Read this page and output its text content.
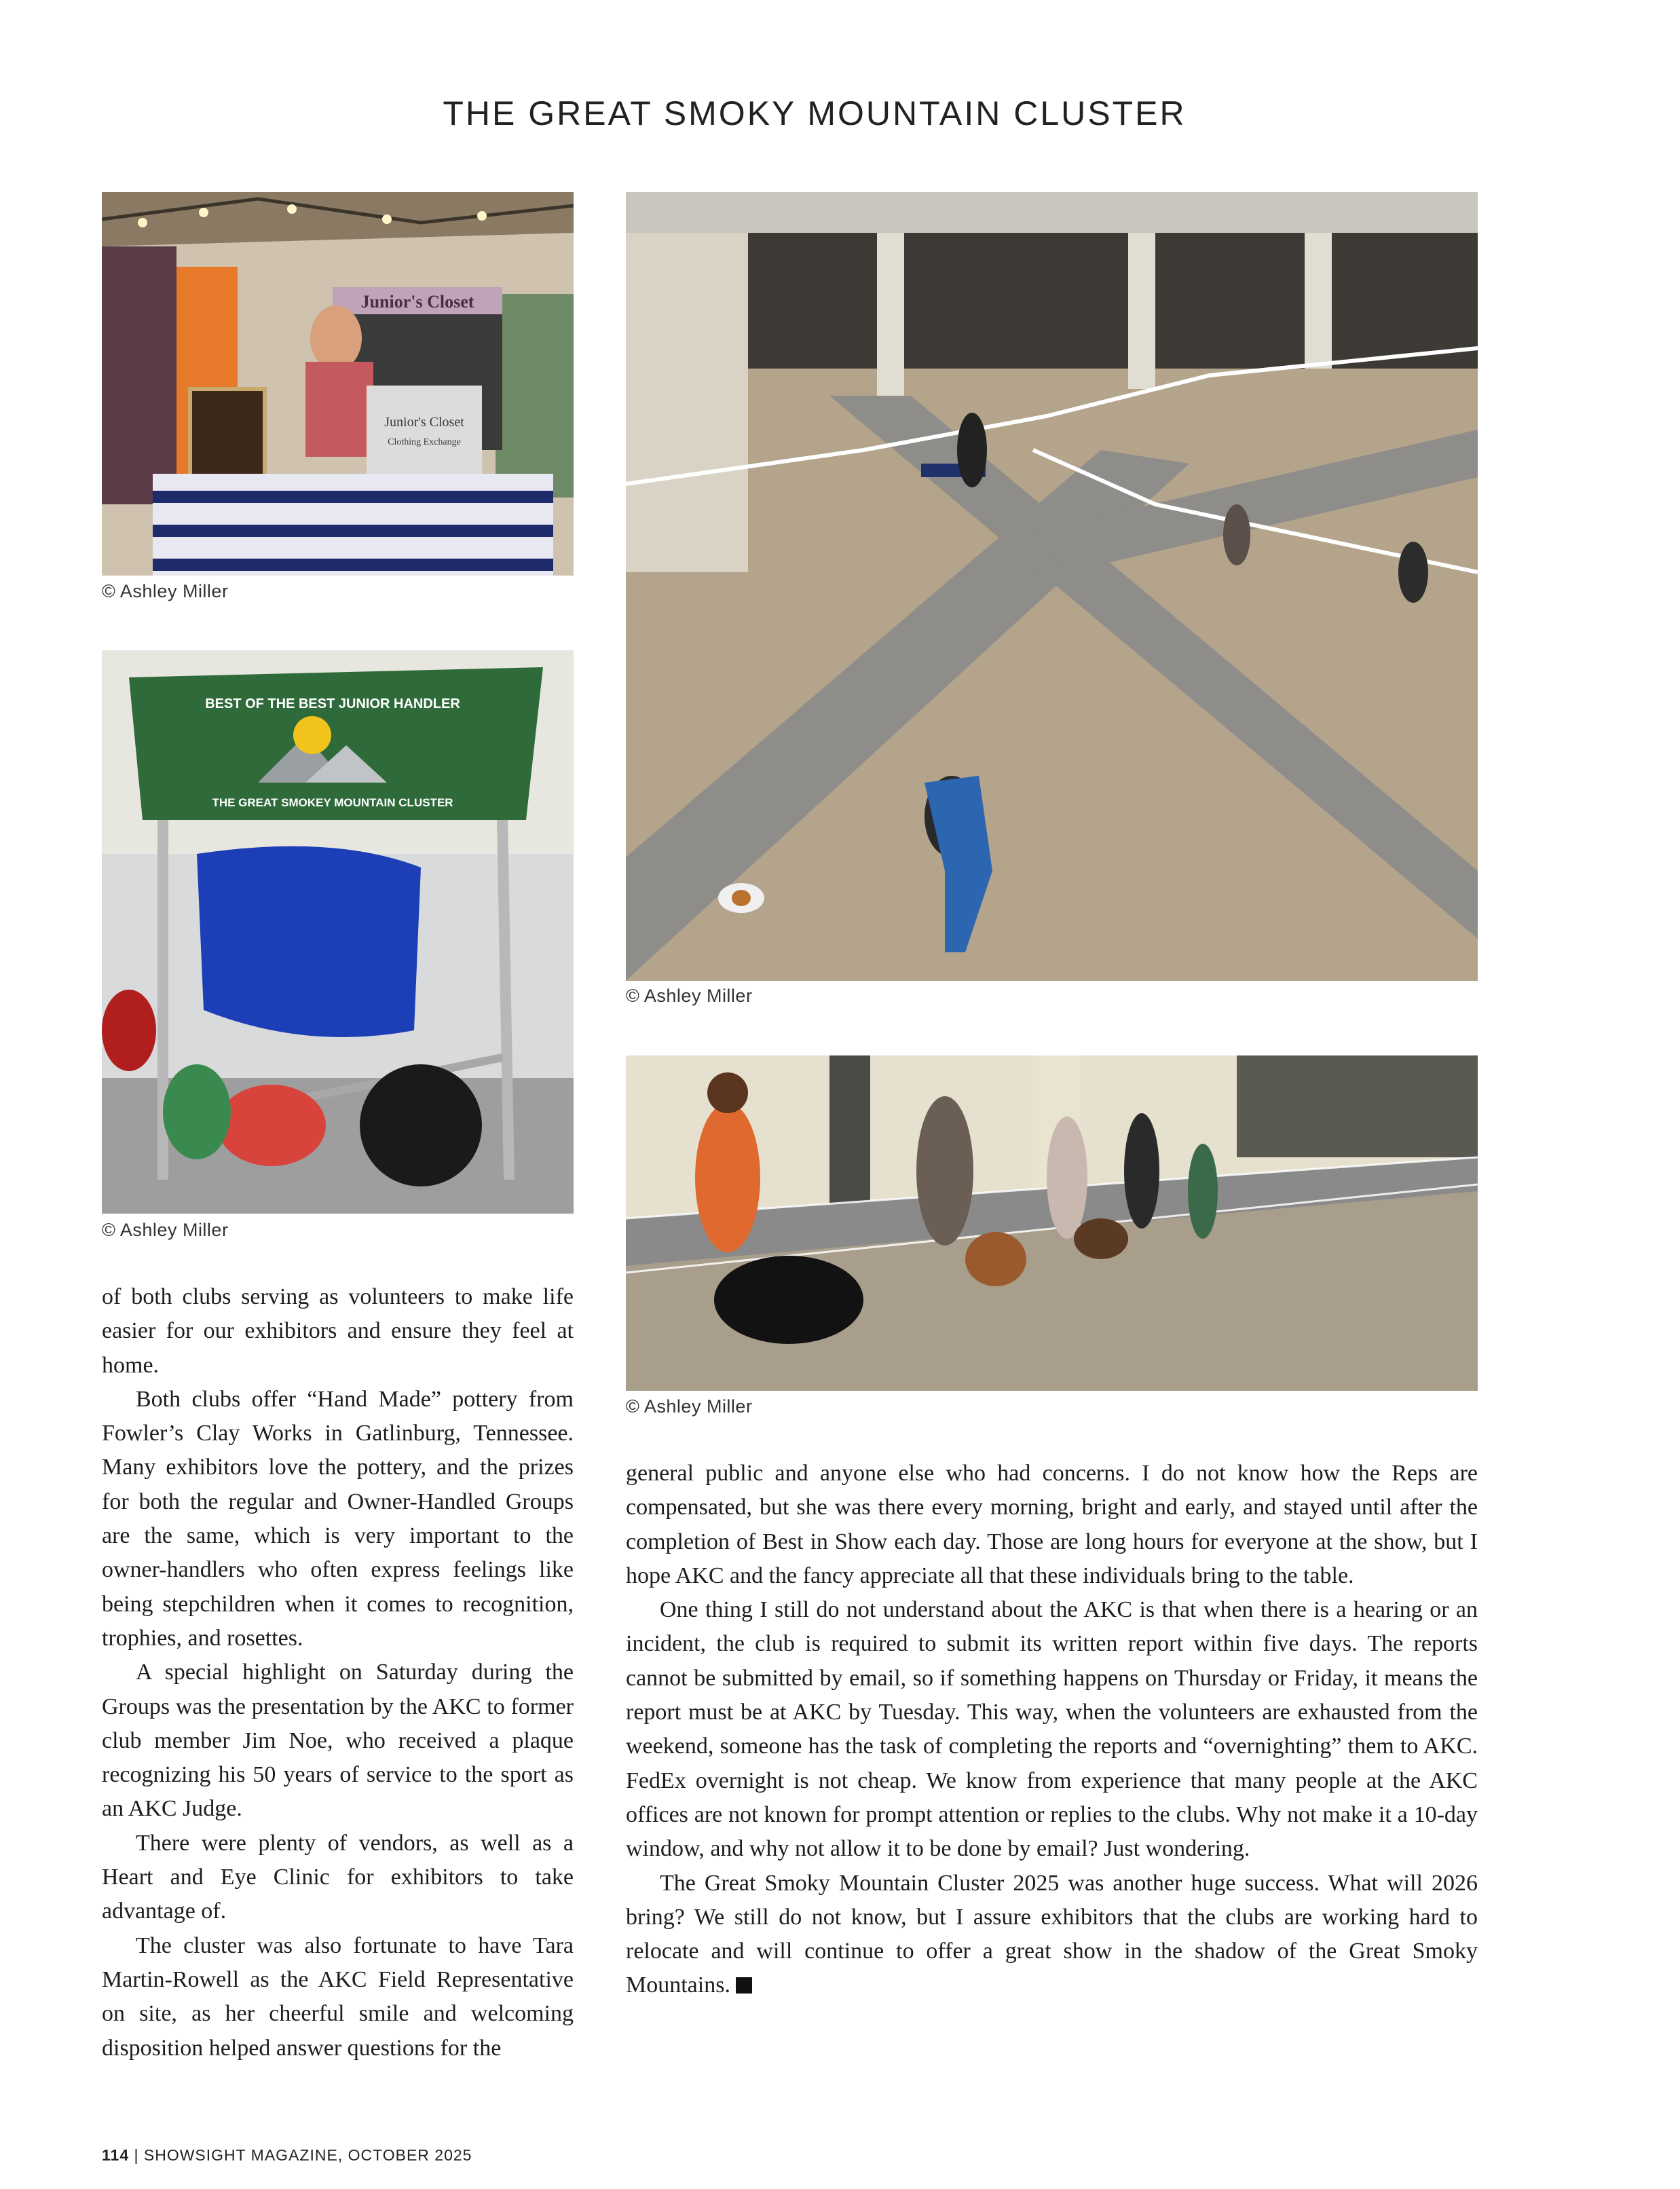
THE GREAT SMOKY MOUNTAIN CLUSTER
Junior's Closet
Junior's Closet
Clothing Exchange
© Ashley Miller
BEST OF THE BEST JUNIOR HANDLER
THE GREAT SMOKEY MOUNTAIN CLUSTER
© Ashley Miller
© Ashley Miller
© Ashley Miller

of both clubs serving as volunteers to make life easier for our exhibitors and ensure they feel at home.

Both clubs offer “Hand Made” pottery from Fowler’s Clay Works in Gatlinburg, Tennessee. Many exhibitors love the pottery, and the prizes for both the regular and Owner-Handled Groups are the same, which is very important to the owner-handlers who often express feelings like being stepchildren when it comes to recognition, trophies, and rosettes.

A special highlight on Saturday during the Groups was the presentation by the AKC to former club member Jim Noe, who received a plaque recognizing his 50 years of service to the sport as an AKC Judge.

There were plenty of vendors, as well as a Heart and Eye Clinic for exhibitors to take advantage of.

The cluster was also fortunate to have Tara Martin-Rowell as the AKC Field Representative on site, as her cheerful smile and welcoming disposition helped answer questions for the

general public and anyone else who had concerns. I do not know how the Reps are compensated, but she was there every morning, bright and early, and stayed until after the completion of Best in Show each day. Those are long hours for everyone at the show, but I hope AKC and the fancy appreciate all that these individuals bring to the table.

One thing I still do not understand about the AKC is that when there is a hearing or an incident, the club is required to submit its written report within five days. The reports cannot be submitted by email, so if something happens on Thursday or Friday, it means the report must be at AKC by Tuesday. This way, when the volunteers are exhausted from the weekend, someone has the task of completing the reports and “overnighting” them to AKC. FedEx overnight is not cheap. We know from experience that many people at the AKC offices are not known for prompt attention or replies to the clubs. Why not make it a 10-day window, and why not allow it to be done by email? Just wondering.

The Great Smoky Mountain Cluster 2025 was another huge success. What will 2026 bring? We still do not know, but I assure exhibitors that the clubs are working hard to relocate and will continue to offer a great show in the shadow of the Great Smoky Mountains.

114 | SHOWSIGHT MAGAZINE, OCTOBER 2025
